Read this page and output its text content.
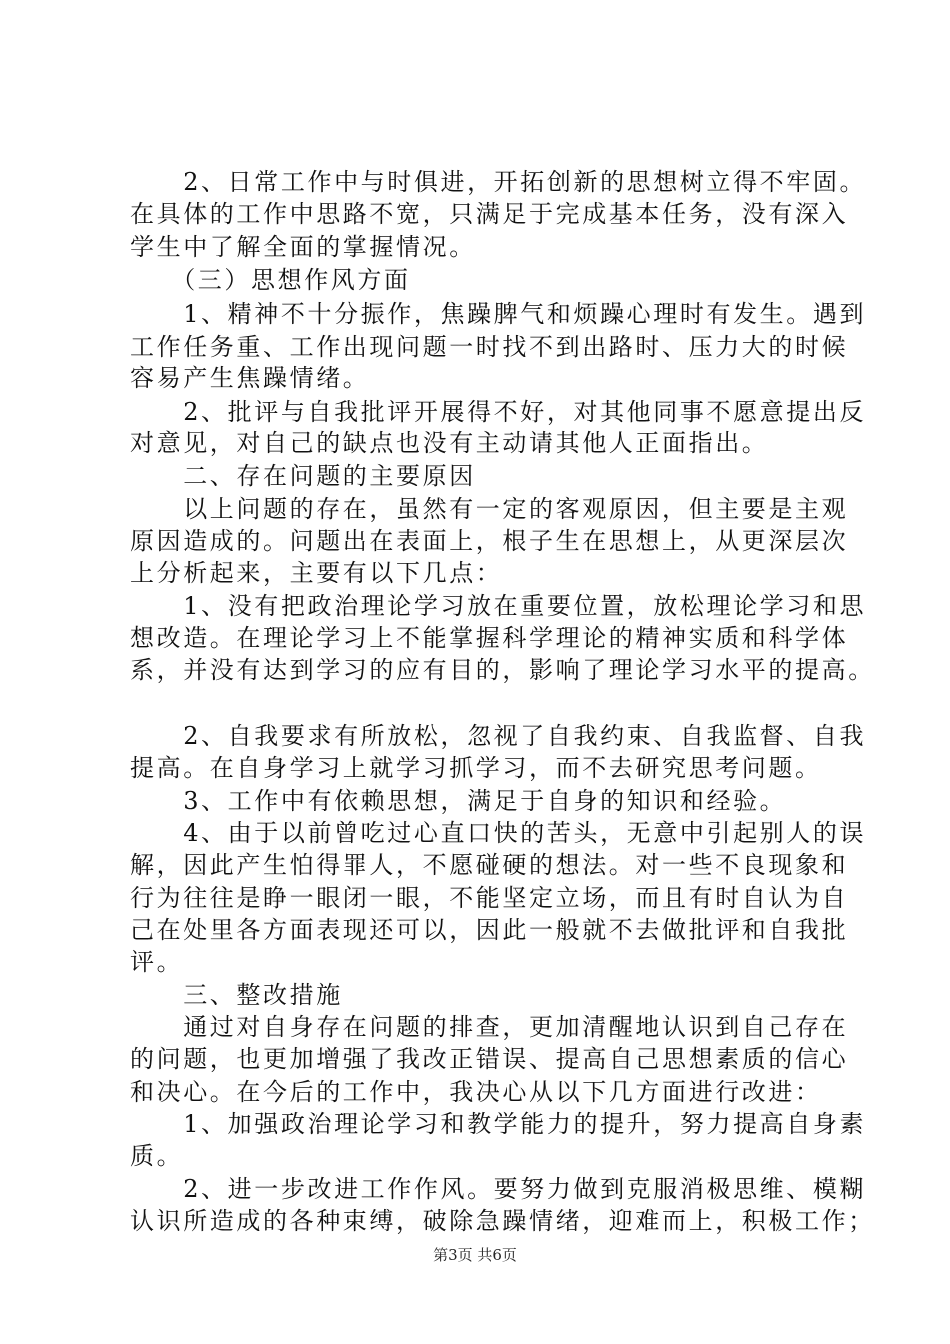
　　2、日常工作中与时俱进，开拓创新的思想树立得不牢固。
在具体的工作中思路不宽，只满足于完成基本任务，没有深入
学生中了解全面的掌握情况。
　　（三）思想作风方面
　　1、精神不十分振作，焦躁脾气和烦躁心理时有发生。遇到
工作任务重、工作出现问题一时找不到出路时、压力大的时候
容易产生焦躁情绪。
　　2、批评与自我批评开展得不好，对其他同事不愿意提出反
对意见，对自己的缺点也没有主动请其他人正面指出。
　　二、存在问题的主要原因
　　以上问题的存在，虽然有一定的客观原因，但主要是主观
原因造成的。问题出在表面上，根子生在思想上，从更深层次
上分析起来，主要有以下几点：
　　1、没有把政治理论学习放在重要位置，放松理论学习和思
想改造。在理论学习上不能掌握科学理论的精神实质和科学体
系，并没有达到学习的应有目的，影响了理论学习水平的提高。
　　2、自我要求有所放松，忽视了自我约束、自我监督、自我
提高。在自身学习上就学习抓学习，而不去研究思考问题。
　　3、工作中有依赖思想，满足于自身的知识和经验。
　　4、由于以前曾吃过心直口快的苦头，无意中引起别人的误
解，因此产生怕得罪人，不愿碰硬的想法。对一些不良现象和
行为往往是睁一眼闭一眼，不能坚定立场，而且有时自认为自
己在处里各方面表现还可以，因此一般就不去做批评和自我批
评。
　　三、整改措施
　　通过对自身存在问题的排查，更加清醒地认识到自己存在
的问题，也更加增强了我改正错误、提高自己思想素质的信心
和决心。在今后的工作中，我决心从以下几方面进行改进：
　　1、加强政治理论学习和教学能力的提升，努力提高自身素
质。
　　2、进一步改进工作作风。要努力做到克服消极思维、模糊
认识所造成的各种束缚，破除急躁情绪，迎难而上，积极工作；
第3页 共6页
